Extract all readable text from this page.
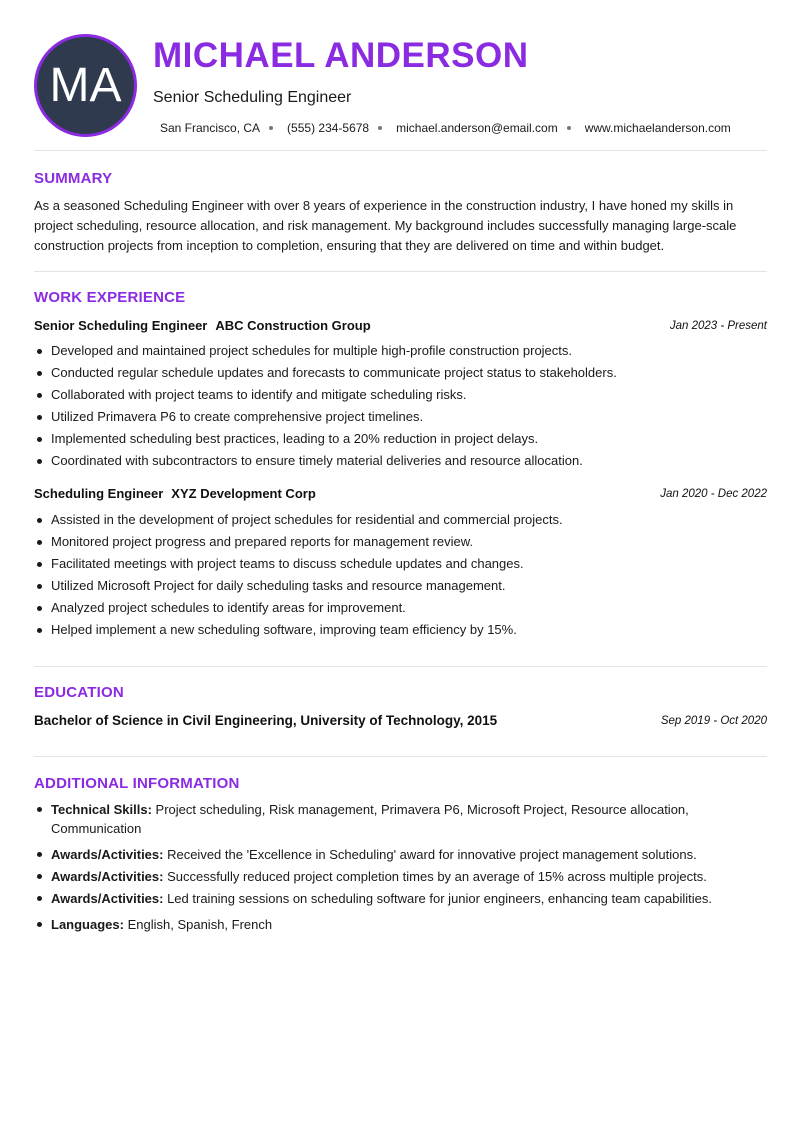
MA
MICHAEL ANDERSON
Senior Scheduling Engineer
San Francisco, CA (555) 234-5678 michael.anderson@email.com www.michaelanderson.com
SUMMARY
As a seasoned Scheduling Engineer with over 8 years of experience in the construction industry, I have honed my skills in project scheduling, resource allocation, and risk management. My background includes successfully managing large-scale construction projects from inception to completion, ensuring that they are delivered on time and within budget.
WORK EXPERIENCE
Senior Scheduling Engineer ABC Construction Group	Jan 2023 - Present
Developed and maintained project schedules for multiple high-profile construction projects.
Conducted regular schedule updates and forecasts to communicate project status to stakeholders.
Collaborated with project teams to identify and mitigate scheduling risks.
Utilized Primavera P6 to create comprehensive project timelines.
Implemented scheduling best practices, leading to a 20% reduction in project delays.
Coordinated with subcontractors to ensure timely material deliveries and resource allocation.
Scheduling Engineer XYZ Development Corp	Jan 2020 - Dec 2022
Assisted in the development of project schedules for residential and commercial projects.
Monitored project progress and prepared reports for management review.
Facilitated meetings with project teams to discuss schedule updates and changes.
Utilized Microsoft Project for daily scheduling tasks and resource management.
Analyzed project schedules to identify areas for improvement.
Helped implement a new scheduling software, improving team efficiency by 15%.
EDUCATION
Bachelor of Science in Civil Engineering, University of Technology, 2015	Sep 2019 - Oct 2020
ADDITIONAL INFORMATION
Technical Skills: Project scheduling, Risk management, Primavera P6, Microsoft Project, Resource allocation, Communication
Awards/Activities: Received the 'Excellence in Scheduling' award for innovative project management solutions.
Awards/Activities: Successfully reduced project completion times by an average of 15% across multiple projects.
Awards/Activities: Led training sessions on scheduling software for junior engineers, enhancing team capabilities.
Languages: English, Spanish, French
